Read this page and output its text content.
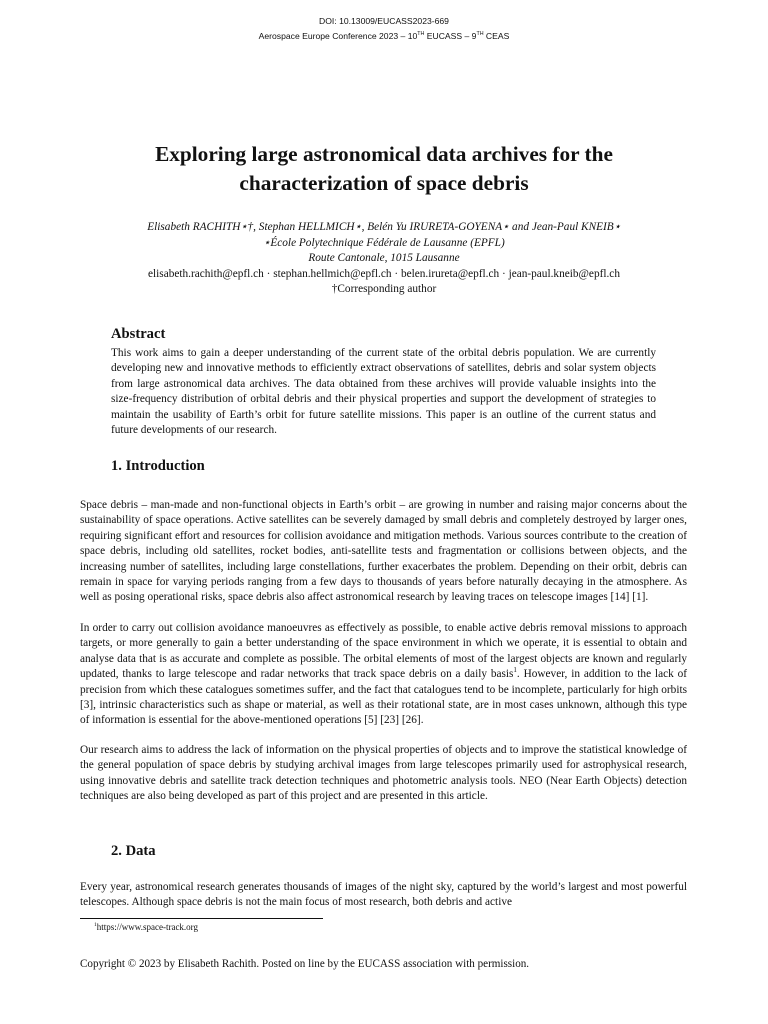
DOI: 10.13009/EUCASS2023-669
Aerospace Europe Conference 2023 – 10TH EUCASS – 9TH CEAS
Exploring large astronomical data archives for the
characterization of space debris
Elisabeth RACHITH⋆†, Stephan HELLMICH⋆, Belén Yu IRURETA-GOYENA⋆ and Jean-Paul KNEIB⋆
⋆École Polytechnique Fédérale de Lausanne (EPFL)
Route Cantonale, 1015 Lausanne
elisabeth.rachith@epfl.ch · stephan.hellmich@epfl.ch · belen.irureta@epfl.ch · jean-paul.kneib@epfl.ch
†Corresponding author
Abstract
This work aims to gain a deeper understanding of the current state of the orbital debris population. We are currently developing new and innovative methods to efficiently extract observations of satellites, debris and solar system objects from large astronomical data archives. The data obtained from these archives will provide valuable insights into the size-frequency distribution of orbital debris and their physical properties and support the development of strategies to maintain the usability of Earth’s orbit for future satellite missions. This paper is an outline of the current status and future developments of our research.
1. Introduction

Space debris – man-made and non-functional objects in Earth’s orbit – are growing in number and raising major concerns about the sustainability of space operations. Active satellites can be severely damaged by small debris and completely destroyed by larger ones, requiring significant effort and resources for collision avoidance and mitigation methods. Various sources contribute to the creation of space debris, including old satellites, rocket bodies, anti-satellite tests and fragmentation or collisions between objects, and the increasing number of satellites, including large constellations, further exacerbates the problem. Depending on their orbit, debris can remain in space for varying periods ranging from a few days to thousands of years before naturally decaying in the atmosphere. As well as posing operational risks, space debris also affect astronomical research by leaving traces on telescope images [14] [1].

In order to carry out collision avoidance manoeuvres as effectively as possible, to enable active debris removal missions to approach targets, or more generally to gain a better understanding of the space environment in which we operate, it is essential to obtain and analyse data that is as accurate and complete as possible. The orbital elements of most of the largest objects are known and regularly updated, thanks to large telescope and radar networks that track space debris on a daily basis$^1$. However, in addition to the lack of precision from which these catalogues sometimes suffer, and the fact that catalogues tend to be incomplete, particularly for high orbits [3], intrinsic characteristics such as shape or material, as well as their rotational state, are in most cases unknown, although this type of information is essential for the above-mentioned operations [5] [23] [26].

Our research aims to address the lack of information on the physical properties of objects and to improve the statistical knowledge of the general population of space debris by studying archival images from large telescopes primarily used for astrophysical research, using innovative debris and satellite track detection techniques and photometric analysis tools. NEO (Near Earth Objects) detection techniques are also being developed as part of this project and are presented in this article.

2. Data

Every year, astronomical research generates thousands of images of the night sky, captured by the world’s largest and most powerful telescopes. Although space debris is not the main focus of most research, both debris and active

$^1$https://www.space-track.org
Copyright © 2023 by Elisabeth Rachith. Posted on line by the EUCASS association with permission.
